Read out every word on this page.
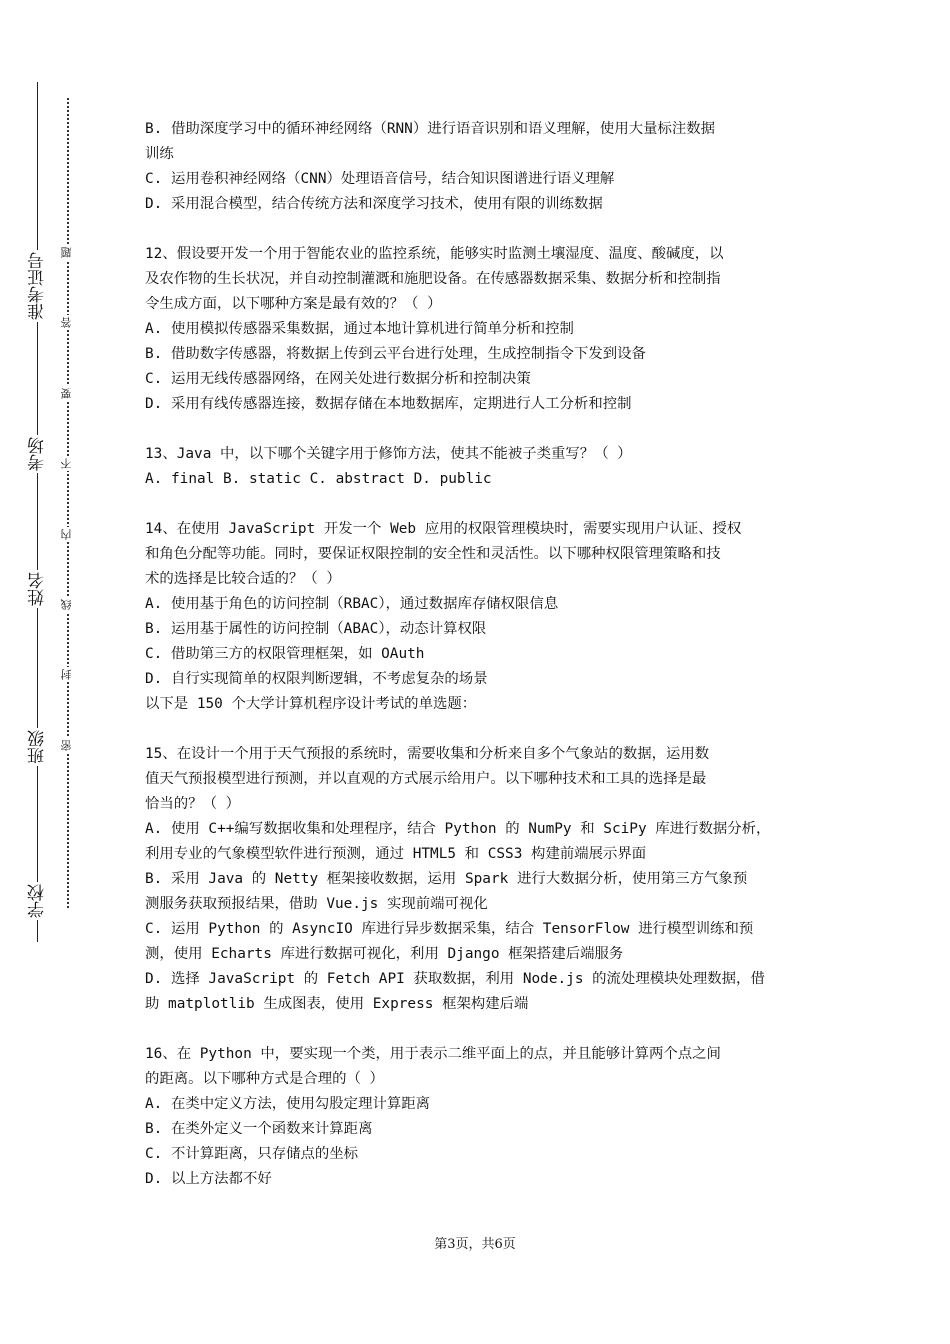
准考证号
考场
姓名
班级
学校
题
答
要
不
内
线
封
密
B. 借助深度学习中的循环神经网络（RNN）进行语音识别和语义理解，使用大量标注数据
训练
C. 运用卷积神经网络（CNN）处理语音信号，结合知识图谱进行语义理解
D. 采用混合模型，结合传统方法和深度学习技术，使用有限的训练数据
12、假设要开发一个用于智能农业的监控系统，能够实时监测土壤湿度、温度、酸碱度，以
及农作物的生长状况，并自动控制灌溉和施肥设备。在传感器数据采集、数据分析和控制指
令生成方面，以下哪种方案是最有效的？（ ）
A. 使用模拟传感器采集数据，通过本地计算机进行简单分析和控制
B. 借助数字传感器，将数据上传到云平台进行处理，生成控制指令下发到设备
C. 运用无线传感器网络，在网关处进行数据分析和控制决策
D. 采用有线传感器连接，数据存储在本地数据库，定期进行人工分析和控制
13、Java 中，以下哪个关键字用于修饰方法，使其不能被子类重写？（ ）
A. final B. static C. abstract D. public
14、在使用 JavaScript 开发一个 Web 应用的权限管理模块时，需要实现用户认证、授权
和角色分配等功能。同时，要保证权限控制的安全性和灵活性。以下哪种权限管理策略和技
术的选择是比较合适的？（ ）
A. 使用基于角色的访问控制（RBAC），通过数据库存储权限信息
B. 运用基于属性的访问控制（ABAC），动态计算权限
C. 借助第三方的权限管理框架，如 OAuth
D. 自行实现简单的权限判断逻辑，不考虑复杂的场景
以下是 150 个大学计算机程序设计考试的单选题：
15、在设计一个用于天气预报的系统时，需要收集和分析来自多个气象站的数据，运用数
值天气预报模型进行预测，并以直观的方式展示给用户。以下哪种技术和工具的选择是最
恰当的？（ ）
A. 使用 C++编写数据收集和处理程序，结合 Python 的 NumPy 和 SciPy 库进行数据分析，
利用专业的气象模型软件进行预测，通过 HTML5 和 CSS3 构建前端展示界面
B. 采用 Java 的 Netty 框架接收数据，运用 Spark 进行大数据分析，使用第三方气象预
测服务获取预报结果，借助 Vue.js 实现前端可视化
C. 运用 Python 的 AsyncIO 库进行异步数据采集，结合 TensorFlow 进行模型训练和预
测，使用 Echarts 库进行数据可视化，利用 Django 框架搭建后端服务
D. 选择 JavaScript 的 Fetch API 获取数据，利用 Node.js 的流处理模块处理数据，借
助 matplotlib 生成图表，使用 Express 框架构建后端
16、在 Python 中，要实现一个类，用于表示二维平面上的点，并且能够计算两个点之间
的距离。以下哪种方式是合理的（ ）
A. 在类中定义方法，使用勾股定理计算距离
B. 在类外定义一个函数来计算距离
C. 不计算距离，只存储点的坐标
D. 以上方法都不好
第3页，共6页
